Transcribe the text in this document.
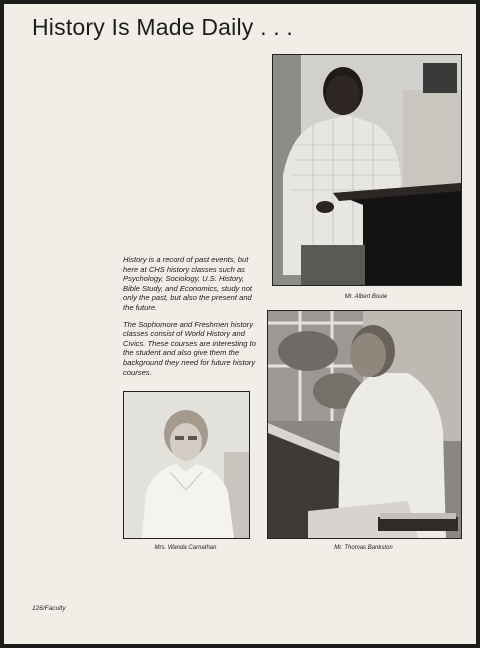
History Is Made Daily . . .
Mr. Albert Bouie

History is a record of past events, but here at CHS history classes such as Psychology, Sociology, U.S. History, Bible Study, and Economics, study not only the past, but also the present and the future.

The Sophomore and Freshmen history classes consist of World History and Civics. These courses are interesting to the student and also give them the background they need for future history courses.

Mrs. Wanda Carnathan	Mr. Thomas Bankston
126/Faculty
